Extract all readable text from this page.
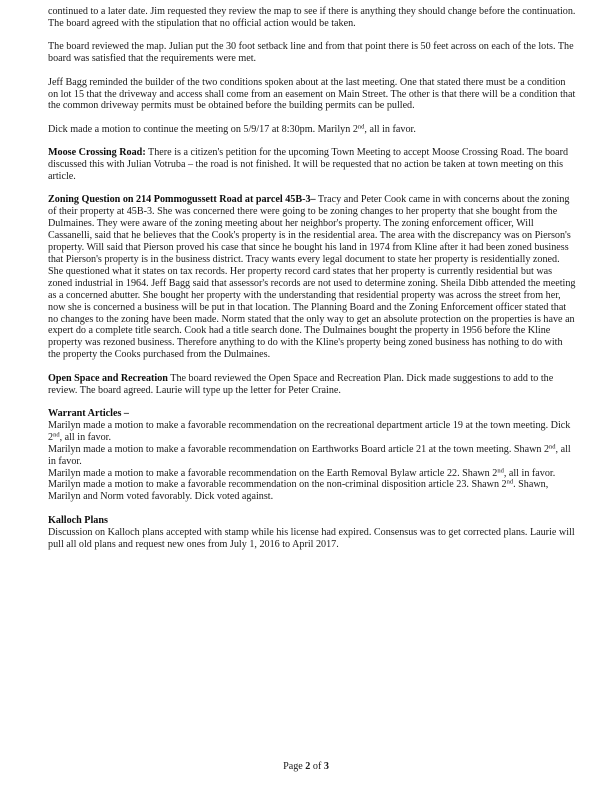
continued to a later date. Jim requested they review the map to see if there is anything they should change before the continuation. The board agreed with the stipulation that no official action would be taken.

The board reviewed the map. Julian put the 30 foot setback line and from that point there is 50 feet across on each of the lots. The board was satisfied that the requirements were met.

Jeff Bagg reminded the builder of the two conditions spoken about at the last meeting. One that stated there must be a condition on lot 15 that the driveway and access shall come from an easement on Main Street. The other is that there will be a condition that the common driveway permits must be obtained before the building permits can be pulled.

Dick made a motion to continue the meeting on 5/9/17 at 8:30pm. Marilyn 2nd, all in favor.

Moose Crossing Road: There is a citizen's petition for the upcoming Town Meeting to accept Moose Crossing Road. The board discussed this with Julian Votruba – the road is not finished. It will be requested that no action be taken at town meeting on this article.

Zoning Question on 214 Pommogussett Road at parcel 45B-3– Tracy and Peter Cook came in with concerns about the zoning of their property at 45B-3. She was concerned there were going to be zoning changes to her property that she bought from the Dulmaines. They were aware of the zoning meeting about her neighbor's property. The zoning enforcement officer, Will Cassanelli, said that he believes that the Cook's property is in the residential area. The area with the discrepancy was on Pierson's property. Will said that Pierson proved his case that since he bought his land in 1974 from Kline after it had been zoned business that Pierson's property is in the business district. Tracy wants every legal document to state her property is residentially zoned. She questioned what it states on tax records. Her property record card states that her property is currently residential but was zoned industrial in 1964. Jeff Bagg said that assessor's records are not used to determine zoning. Sheila Dibb attended the meeting as a concerned abutter. She bought her property with the understanding that residential property was across the street from her, now she is concerned a business will be put in that location. The Planning Board and the Zoning Enforcement officer stated that no changes to the zoning have been made. Norm stated that the only way to get an absolute protection on the properties is have an expert do a complete title search. Cook had a title search done. The Dulmaines bought the property in 1956 before the Kline property was rezoned business. Therefore anything to do with the Kline's property being zoned business has nothing to do with the property the Cooks purchased from the Dulmaines.

Open Space and Recreation The board reviewed the Open Space and Recreation Plan. Dick made suggestions to add to the review. The board agreed. Laurie will type up the letter for Peter Craine.

Warrant Articles –
Marilyn made a motion to make a favorable recommendation on the recreational department article 19 at the town meeting. Dick 2nd, all in favor.
Marilyn made a motion to make a favorable recommendation on Earthworks Board article 21 at the town meeting. Shawn 2nd, all in favor.
Marilyn made a motion to make a favorable recommendation on the Earth Removal Bylaw article 22. Shawn 2nd, all in favor.
Marilyn made a motion to make a favorable recommendation on the non-criminal disposition article 23. Shawn 2nd. Shawn, Marilyn and Norm voted favorably. Dick voted against.
Kalloch Plans
Discussion on Kalloch plans accepted with stamp while his license had expired. Consensus was to get corrected plans. Laurie will pull all old plans and request new ones from July 1, 2016 to April 2017.
Page 2 of 3
